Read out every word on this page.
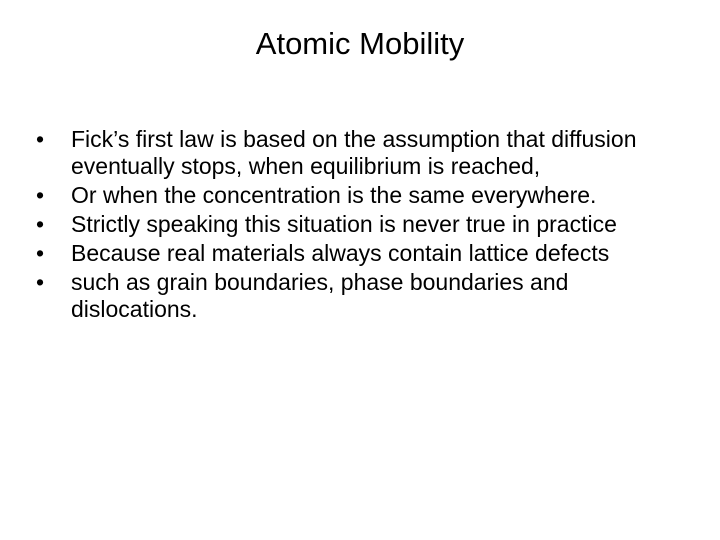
Atomic Mobility
•	Fick’s first law is based on the assumption that diffusion eventually stops, when equilibrium is reached,
•	Or when the concentration is the same everywhere.
•	Strictly speaking this situation is never true in practice
•	Because real materials always contain lattice defects
•	such as grain boundaries, phase boundaries and dislocations.
